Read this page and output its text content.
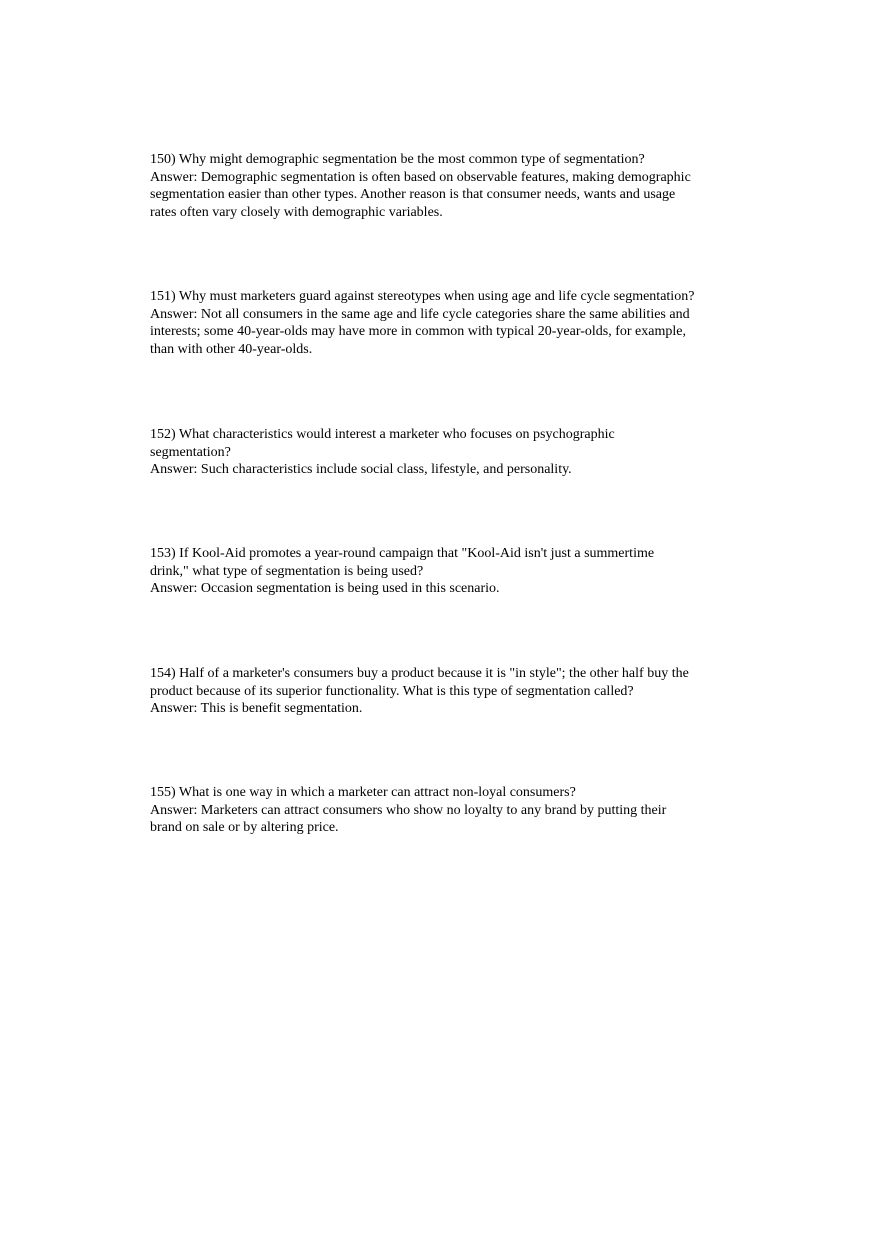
150) Why might demographic segmentation be the most common type of segmentation?

Answer: Demographic segmentation is often based on observable features, making demographic
segmentation easier than other types. Another reason is that consumer needs, wants and usage
rates often vary closely with demographic variables.

151) Why must marketers guard against stereotypes when using age and life cycle segmentation?

Answer: Not all consumers in the same age and life cycle categories share the same abilities and
interests; some 40-year-olds may have more in common with typical 20-year-olds, for example,
than with other 40-year-olds.

152) What characteristics would interest a marketer who focuses on psychographic
segmentation?

Answer: Such characteristics include social class, lifestyle, and personality.

153) If Kool-Aid promotes a year-round campaign that "Kool-Aid isn't just a summertime
drink," what type of segmentation is being used?

Answer: Occasion segmentation is being used in this scenario.

154) Half of a marketer's consumers buy a product because it is "in style"; the other half buy the
product because of its superior functionality. What is this type of segmentation called?

Answer: This is benefit segmentation.

155) What is one way in which a marketer can attract non-loyal consumers?

Answer: Marketers can attract consumers who show no loyalty to any brand by putting their
brand on sale or by altering price.
